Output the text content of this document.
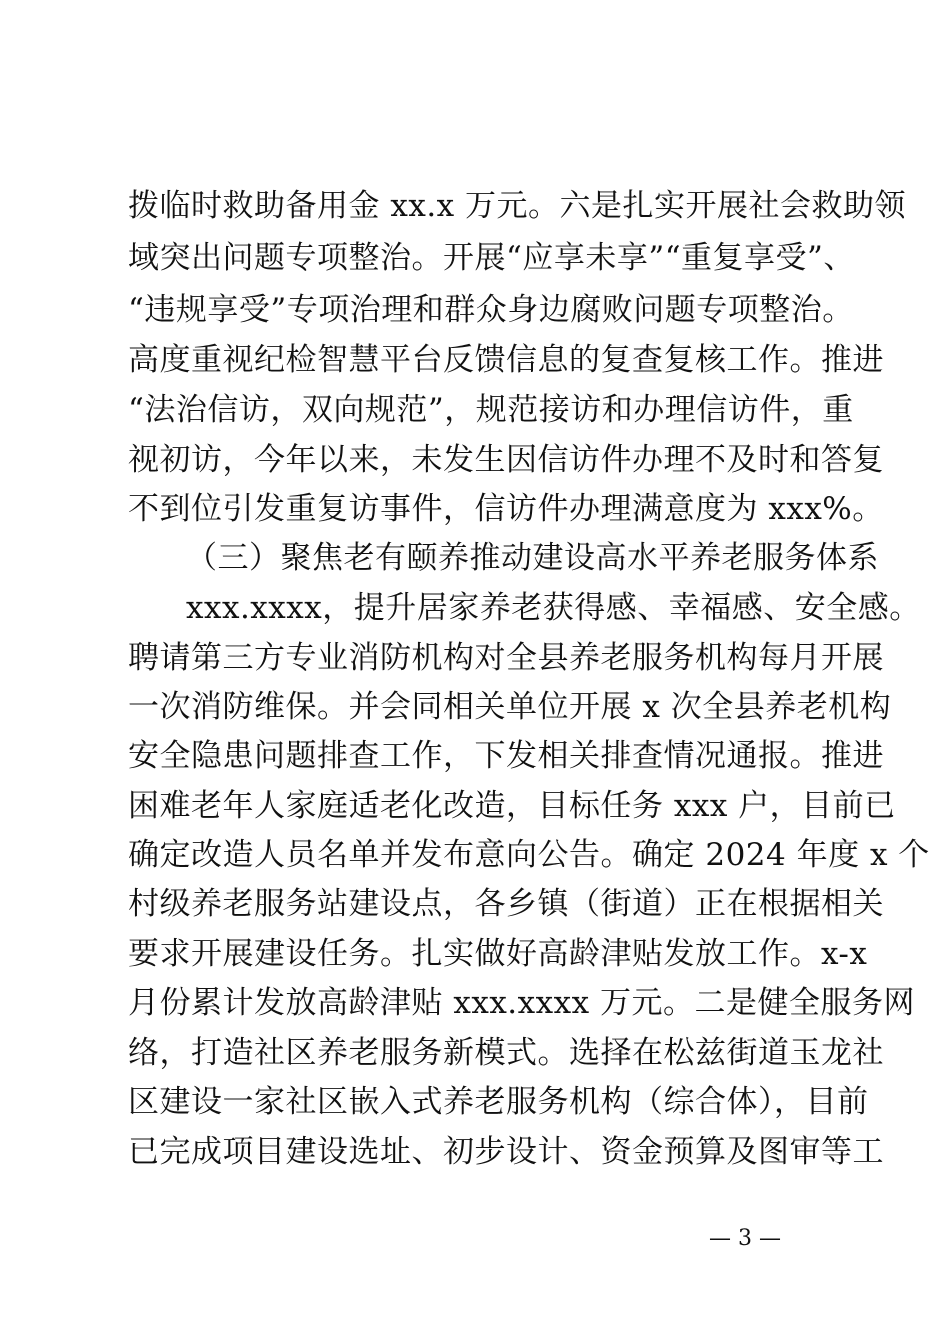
拨临时救助备用金 xx.x 万元。六是扎实开展社会救助领
域突出问题专项整治。开展“应享未享”“重复享受”、
“违规享受”专项治理和群众身边腐败问题专项整治。
高度重视纪检智慧平台反馈信息的复查复核工作。推进
“法治信访，双向规范”，规范接访和办理信访件，重
视初访，今年以来，未发生因信访件办理不及时和答复
不到位引发重复访事件，信访件办理满意度为 xxx%。
（三）聚焦老有颐养推动建设高水平养老服务体系
xxx.xxxx，提升居家养老获得感、幸福感、安全感。
聘请第三方专业消防机构对全县养老服务机构每月开展
一次消防维保。并会同相关单位开展 x 次全县养老机构
安全隐患问题排查工作，下发相关排查情况通报。推进
困难老年人家庭适老化改造，目标任务 xxx 户，目前已
确定改造人员名单并发布意向公告。确定 2024 年度 x 个
村级养老服务站建设点，各乡镇（街道）正在根据相关
要求开展建设任务。扎实做好高龄津贴发放工作。x-x
月份累计发放高龄津贴 xxx.xxxx 万元。二是健全服务网
络，打造社区养老服务新模式。选择在松兹街道玉龙社
区建设一家社区嵌入式养老服务机构（综合体），目前
已完成项目建设选址、初步设计、资金预算及图审等工
— 3 —
